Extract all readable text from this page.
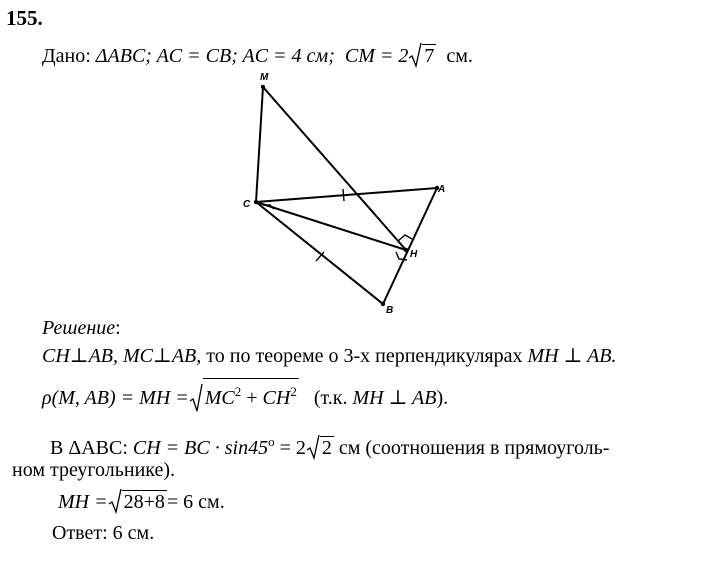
155.
Дано: ΔABC; AC = CB; AC = 4 см; CM = 2 7 см.
M
C
A
H
B
Решение:
CH⊥AB, MC⊥AB, то по теореме о 3-х перпендикулярах MH ⊥ AB.
ρ(M, AB) = MH = $MC^2 + CH^2$ (т.к. MH ⊥ AB).
В ΔABC: CH = BC · $\sin 45^о = 2$ 2 см (соотношения в прямоуголь-
ном треугольнике).
MH = 28+8 = 6 см.
Ответ: 6 см.
